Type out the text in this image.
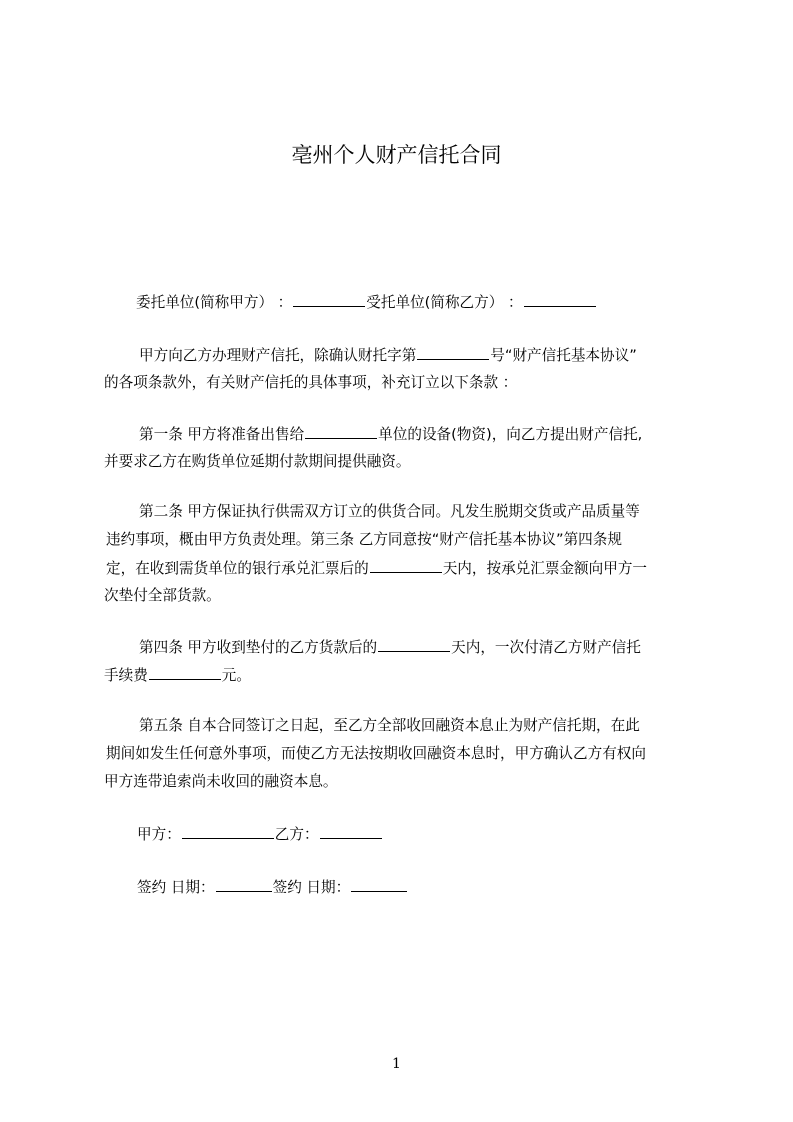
亳州个人财产信托合同
委托单位(简称甲方） ：	受托单位(简称乙方） ：
甲方向乙方办理财产信托，除确认财托字第	号“财产信托基本协议”
的各项条款外，有关财产信托的具体事项，补充订立以下条款 ：
第一条 甲方将准备出售给	单位的设备(物资)，向乙方提出财产信托,
并要求乙方在购货单位延期付款期间提供融资。
第二条 甲方保证执行供需双方订立的供货合同。凡发生脱期交货或产品质量等
违约事项，概由甲方负责处理。第三条 乙方同意按“财产信托基本协议”第四条规
定，在收到需货单位的银行承兑汇票后的	天内，按承兑汇票金额向甲方一
次垫付全部货款。
第四条 甲方收到垫付的乙方货款后的	天内，一次付清乙方财产信托
手续费	元。
第五条 自本合同签订之日起，至乙方全部收回融资本息止为财产信托期，在此
期间如发生任何意外事项，而使乙方无法按期收回融资本息时，甲方确认乙方有权向
甲方连带追索尚未收回的融资本息。
甲方：	乙方：
签约 日期：	签约 日期：
1
